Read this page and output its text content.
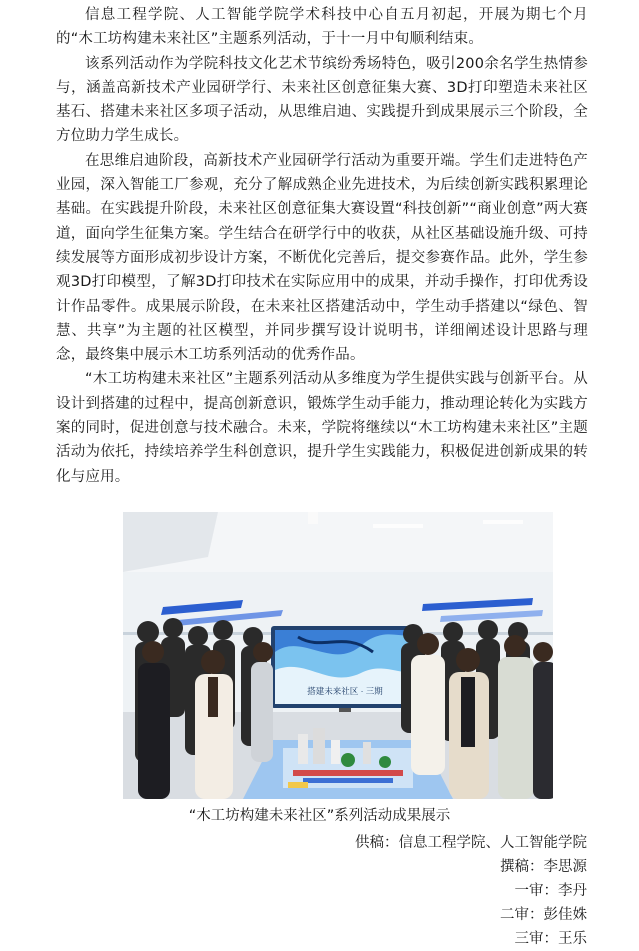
信息工程学院、人工智能学院学术科技中心自五月初起，开展为期七个月的“木工坊构建未来社区”主题系列活动，于十一月中旬顺利结束。

该系列活动作为学院科技文化艺术节缤纷秀场特色，吸引200余名学生热情参与，涵盖高新技术产业园研学行、未来社区创意征集大赛、3D打印塑造未来社区基石、搭建未来社区多项子活动，从思维启迪、实践提升到成果展示三个阶段，全方位助力学生成长。

在思维启迪阶段，高新技术产业园研学行活动为重要开端。学生们走进特色产业园，深入智能工厂参观，充分了解成熟企业先进技术，为后续创新实践积累理论基础。在实践提升阶段，未来社区创意征集大赛设置“科技创新”“商业创意”两大赛道，面向学生征集方案。学生结合在研学行中的收获，从社区基础设施升级、可持续发展等方面形成初步设计方案，不断优化完善后，提交参赛作品。此外，学生参观3D打印模型，了解3D打印技术在实际应用中的成果，并动手操作，打印优秀设计作品零件。成果展示阶段，在未来社区搭建活动中，学生动手搭建以“绿色、智慧、共享”为主题的社区模型，并同步撰写设计说明书，详细阐述设计思路与理念，最终集中展示木工坊系列活动的优秀作品。

“木工坊构建未来社区”主题系列活动从多维度为学生提供实践与创新平台。从设计到搭建的过程中，提高创新意识，锻炼学生动手能力，推动理论转化为实践方案的同时，促进创意与技术融合。未来，学院将继续以“木工坊构建未来社区”主题活动为依托，持续培养学生科创意识，提升学生实践能力，积极促进创新成果的转化与应用。

搭建未来社区 · 三期
“木工坊构建未来社区”系列活动成果展示
供稿：信息工程学院、人工智能学院
撰稿：李思源
一审：李丹
二审：彭佳姝
三审：王乐
